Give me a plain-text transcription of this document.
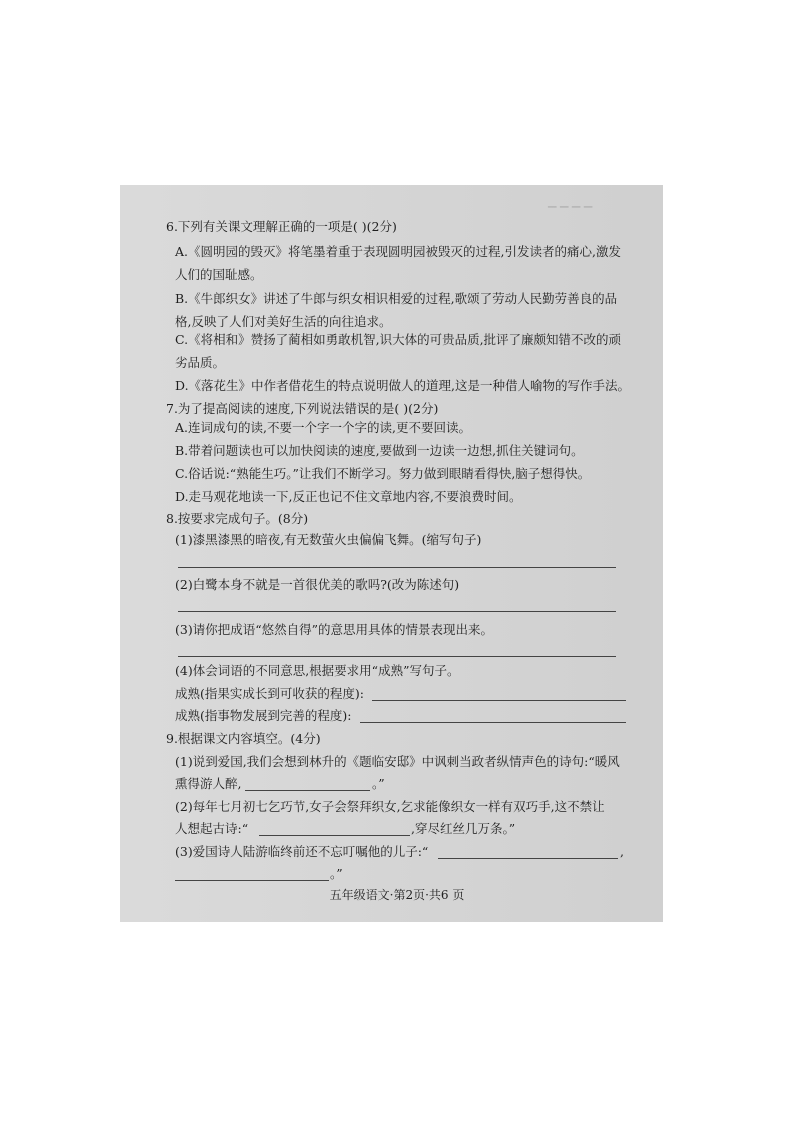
▁ ▁ ▁ ▁
6.下列有关课文理解正确的一项是( )(2分)
A.《圆明园的毁灭》将笔墨着重于表现圆明园被毁灭的过程,引发读者的痛心,激发
人们的国耻感。
B.《牛郎织女》讲述了牛郎与织女相识相爱的过程,歌颂了劳动人民勤劳善良的品
格,反映了人们对美好生活的向往追求。
C.《将相和》赞扬了蔺相如勇敢机智,识大体的可贵品质,批评了廉颇知错不改的顽
劣品质。
D.《落花生》中作者借花生的特点说明做人的道理,这是一种借人喻物的写作手法。
7.为了提高阅读的速度,下列说法错误的是( )(2分)
A.连词成句的读,不要一个字一个字的读,更不要回读。
B.带着问题读也可以加快阅读的速度,要做到一边读一边想,抓住关键词句。
C.俗话说:“熟能生巧。”让我们不断学习。努力做到眼睛看得快,脑子想得快。
D.走马观花地读一下,反正也记不住文章地内容,不要浪费时间。
8.按要求完成句子。(8分)
(1)漆黑漆黑的暗夜,有无数萤火虫偏偏飞舞。(缩写句子)
(2)白鹭本身不就是一首很优美的歌吗?(改为陈述句)
(3)请你把成语“悠然自得”的意思用具体的情景表现出来。
(4)体会词语的不同意思,根据要求用“成熟”写句子。
成熟(指果实成长到可收获的程度):
成熟(指事物发展到完善的程度):
9.根据课文内容填空。(4分)
(1)说到爱国,我们会想到林升的《题临安邸》中讽刺当政者纵情声色的诗句:“暖风
熏得游人醉,	。”
(2)每年七月初七乞巧节,女子会祭拜织女,乞求能像织女一样有双巧手,这不禁让
人想起古诗:“	,穿尽红丝几万条。”
(3)爱国诗人陆游临终前还不忘叮嘱他的儿子:“	,
。”
五年级语文·第2页·共6 页
